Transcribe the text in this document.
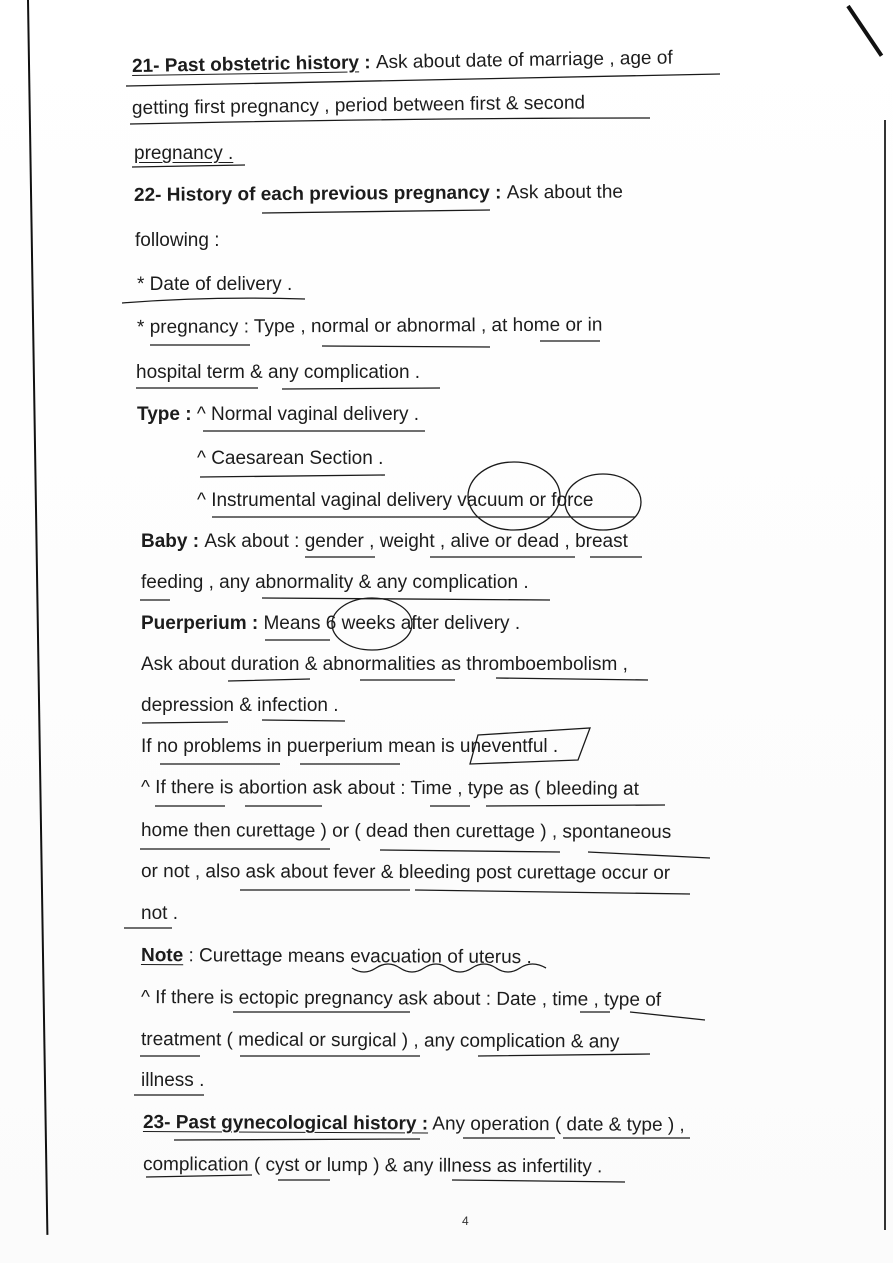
21- Past obstetric history : Ask about date of marriage , age of
getting first pregnancy , period between first & second
pregnancy .
22- History of each previous pregnancy : Ask about the
following :
* Date of delivery .
* pregnancy : Type , normal or abnormal , at home or in
hospital term & any complication .
Type : ^ Normal vaginal delivery .
^ Caesarean Section .
^ Instrumental vaginal delivery vacuum or force
Baby : Ask about : gender , weight , alive or dead , breast
feeding , any abnormality & any complication .
Puerperium : Means 6 weeks after delivery .
Ask about duration & abnormalities as thromboembolism ,
depression & infection .
If no problems in puerperium mean is uneventful .
^ If there is abortion ask about : Time , type as ( bleeding at
home then curettage ) or ( dead then curettage ) , spontaneous
or not , also ask about fever & bleeding post curettage occur or
not .
Note : Curettage means evacuation of uterus .
^ If there is ectopic pregnancy ask about : Date , time , type of
treatment ( medical or surgical ) , any complication & any
illness .
23- Past gynecological history : Any operation ( date & type ) ,
complication ( cyst or lump ) & any illness as infertility .
4
